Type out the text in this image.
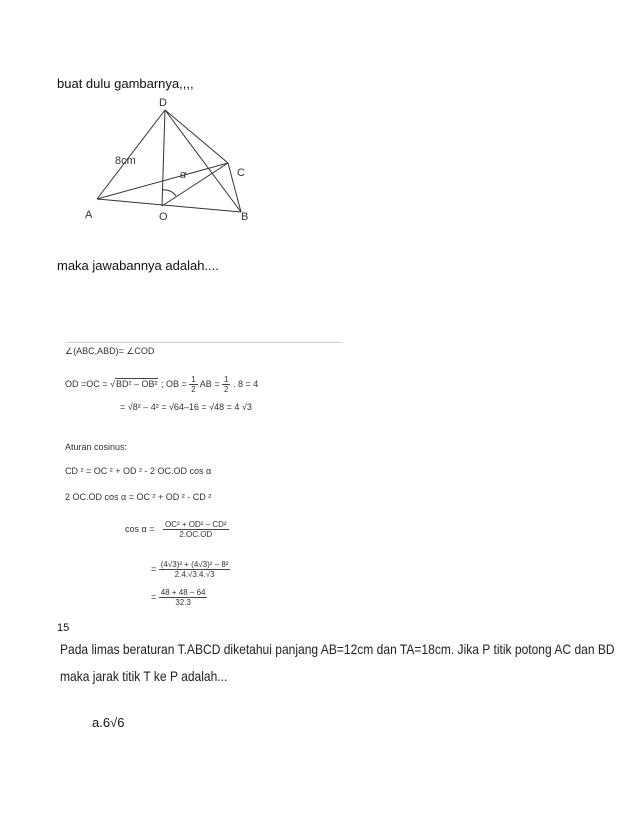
buat dulu gambarnya,,,,
D
A	O	B
C
α
8cm
maka jawabannya adalah....
∠(ABC,ABD)= ∠COD
OD =OC = √BD² – OB² ; OB = $\frac{1}{2}$ AB = $\frac{1}{2}$ . 8 = 4
= √8² – 4² = √64–16 = √48 = 4 √3
Aturan cosinus:
CD ² = OC ² + OD ² - 2 OC.OD cos α
2 OC.OD cos α = OC ² + OD ² - CD ²
$\cos \alpha = \frac{\text{OC² + OD² – CD²}}{2.OC.OD}$
= $\frac{\text{(4√3)² + (4√3)² – 8²}}{2.4.√3.4.√3}$
= $\frac{48 + 48 - 64}{32.3}$
15
Pada limas beraturan T.ABCD diketahui panjang AB=12cm dan TA=18cm. Jika P titik potong AC dan BD
maka jarak titik T ke P adalah...
a.6√6
